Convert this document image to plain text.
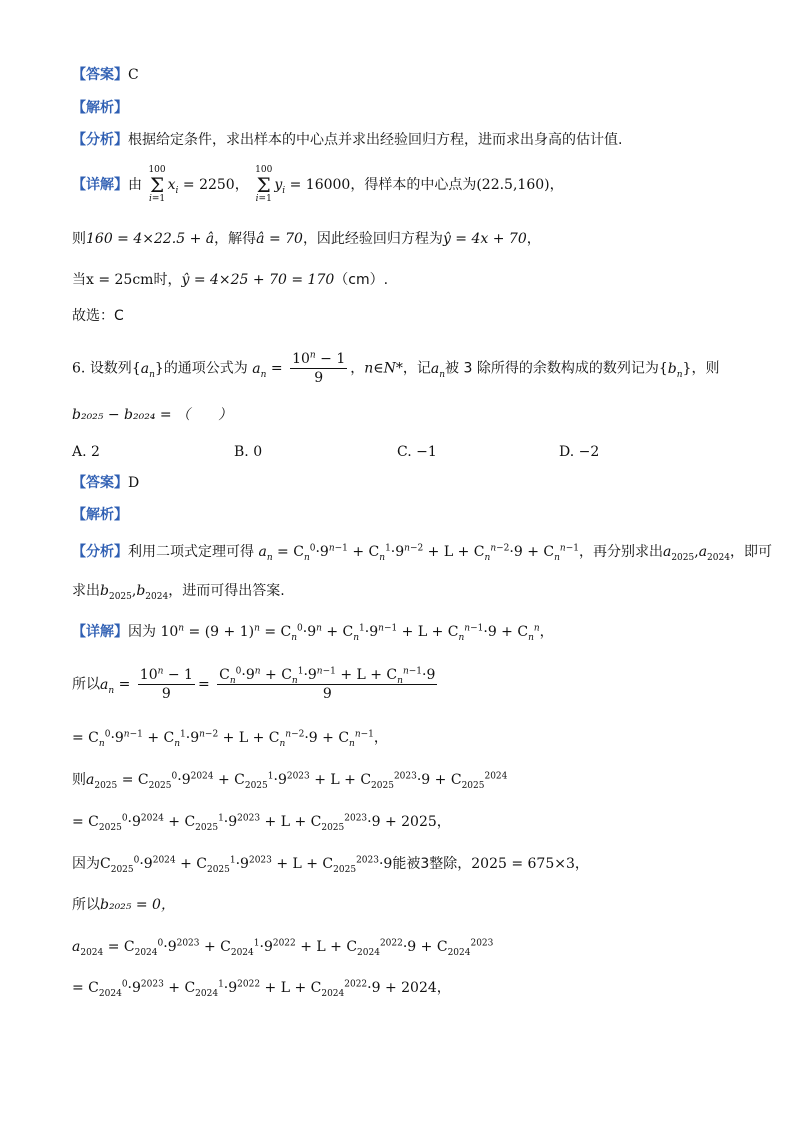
【答案】C
【解析】
【分析】根据给定条件，求出样本的中心点并求出经验回归方程，进而求出身高的估计值.
【详解】由 100
Σ
$i=1x_i = 2250$， 100
Σ
$i=1y_i = 16000$，得样本的中心点为(22.5,160)，
则160 = 4×22.5 + â，解得â = 70，因此经验回归方程为ŷ = 4x + 70，
当x = 25cm时，ŷ = 4×25 + 70 = 170（cm）.
故选：C
6. 设数列$\{a_n\}$的通项公式为 $a_n = \frac{10^n - 1}{9}$ ，n∈N*，记$a_n$被 3 除所得的余数构成的数列记为$\{b_n\}$，则
b₂₀₂₅ − b₂₀₂₄ = （　　）
A. 2	B. 0	C. −1	D. −2
【答案】D
【解析】
【分析】利用二项式定理可得 $a_n = C_n^0\cdot 9^{n-1} + C_n^1\cdot 9^{n-2} + L + C_n^{n-2}\cdot 9 + C_n^{n-1}$，再分别求出$a_{2025},a_{2024}$，即可
求出$b_{2025},b_{2024}$，进而可得出答案.
【详解】因为 $10^n = (9 + 1)^n = C_n^0\cdot 9^n + C_n^1\cdot 9^{n-1} + L + C_n^{n-1}\cdot 9 + C_n^n$，
所以$a_n = \frac{10^n - 1}{9} = \frac{C_n^0\cdot 9^n + C_n^1\cdot 9^{n-1} + L + C_n^{n-1}\cdot 9}{9}$
= $C_n^0\cdot 9^{n-1} + C_n^1\cdot 9^{n-2} + L + C_n^{n-2}\cdot 9 + C_n^{n-1}$，
则$a_{2025} = C_{2025}^0\cdot 9^{2024} + C_{2025}^1\cdot 9^{2023} + L + C_{2025}^{2023}\cdot 9 + C_{2025}^{2024}$
= $C_{2025}^0\cdot 9^{2024} + C_{2025}^1\cdot 9^{2023} + L + C_{2025}^{2023}\cdot 9 + 2025$，
因为$C_{2025}^0\cdot 9^{2024} + C_{2025}^1\cdot 9^{2023} + L + C_{2025}^{2023}\cdot 9$能被3整除，2025 = 675×3，
所以b₂₀₂₅ = 0，
$a_{2024} = C_{2024}^0\cdot 9^{2023} + C_{2024}^1\cdot 9^{2022} + L + C_{2024}^{2022}\cdot 9 + C_{2024}^{2023}$
= $C_{2024}^0\cdot 9^{2023} + C_{2024}^1\cdot 9^{2022} + L + C_{2024}^{2022}\cdot 9 + 2024$，
